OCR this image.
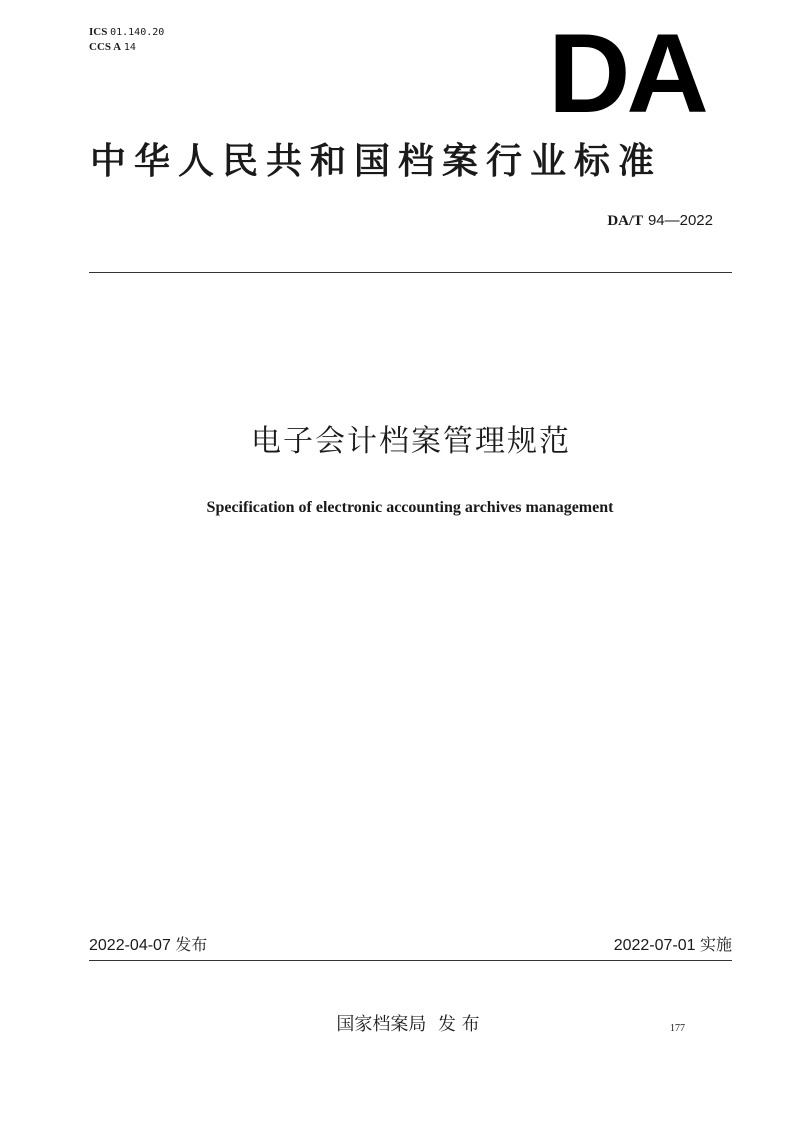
ICS 01.140.20
CCS A 14	DA
中华人民共和国档案行业标准
DA/T 94—2022
电子会计档案管理规范
Specification of electronic accounting archives management
2022-04-07 发布	2022-07-01 实施
国家档案局  发 布	177
